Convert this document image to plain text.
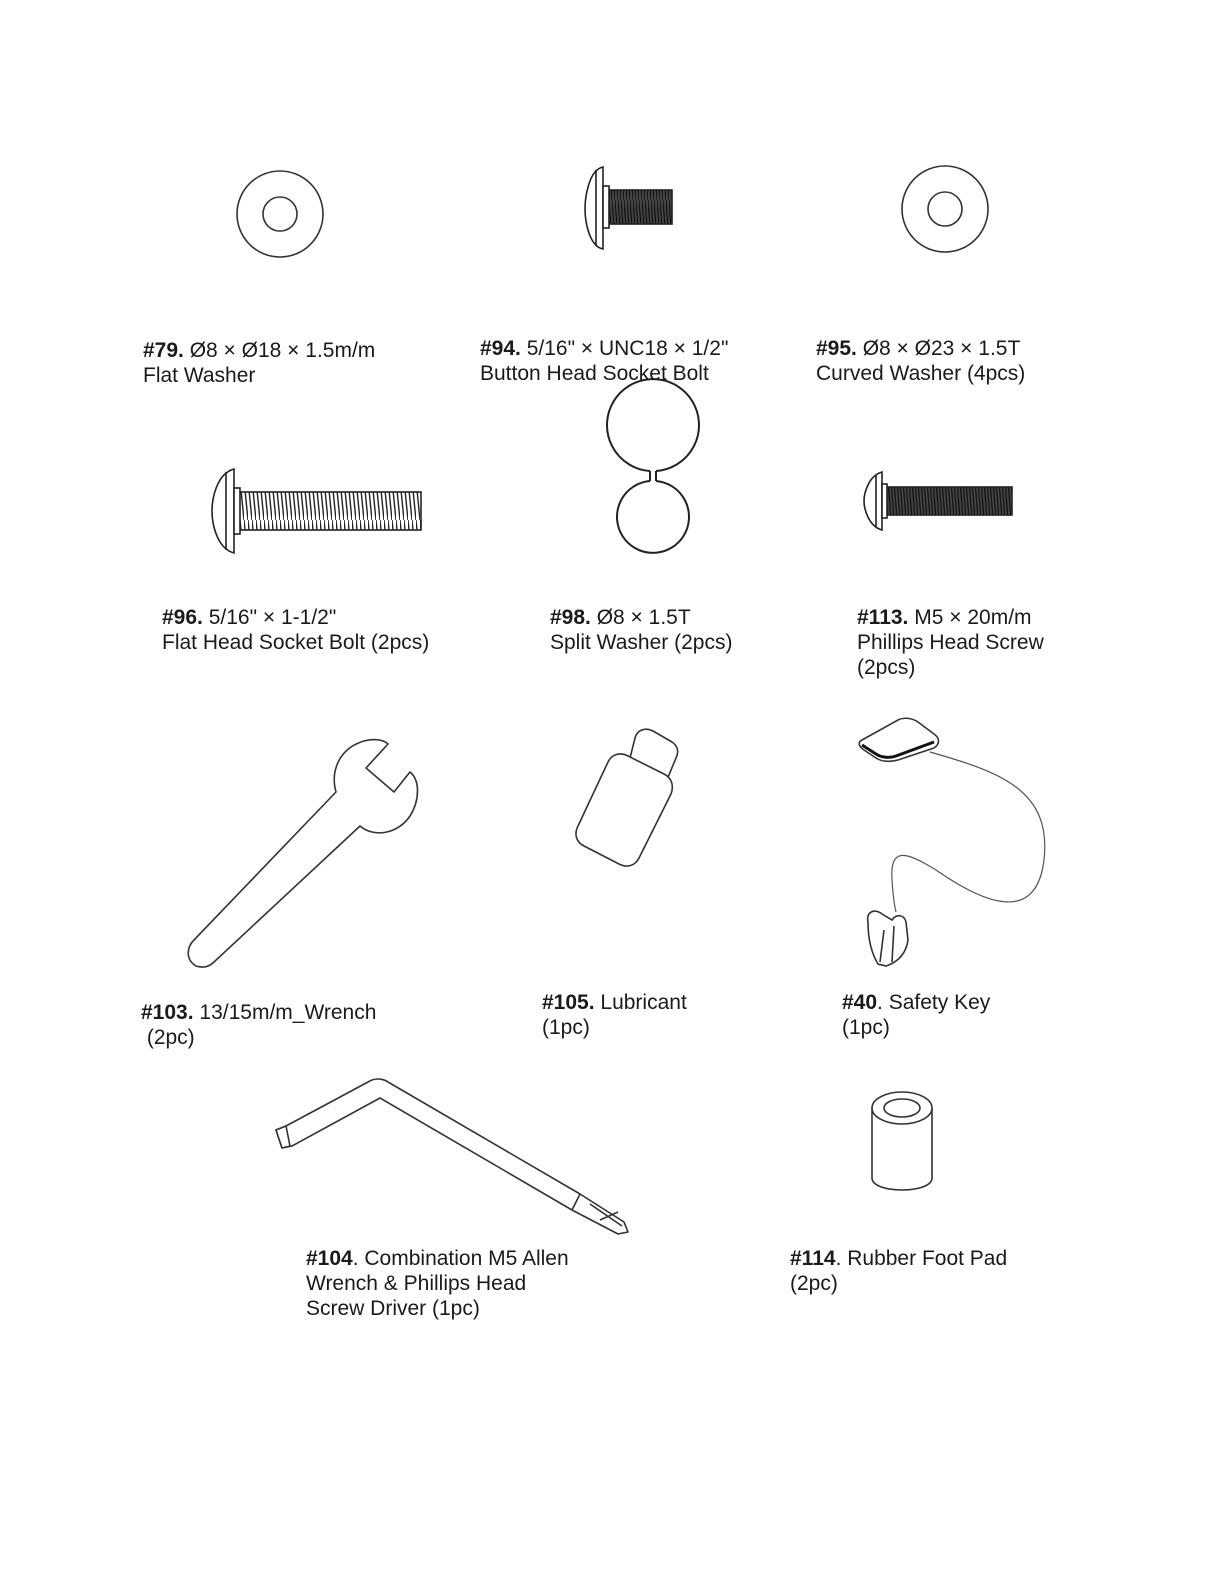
#79. Ø8 × Ø18 × 1.5m/m
Flat Washer
#94. 5/16" × UNC18 × 1/2"
Button Head Socket Bolt
#95. Ø8 × Ø23 × 1.5T
Curved Washer (4pcs)
#96. 5/16" × 1-1/2"
Flat Head Socket Bolt (2pcs)
#98. Ø8 × 1.5T
Split Washer (2pcs)
#113. M5 × 20m/m
Phillips Head Screw
(2pcs)
#103. 13/15m/m_Wrench
(2pc)
#105. Lubricant
(1pc)
#40. Safety Key
(1pc)
#104. Combination M5 Allen
Wrench & Phillips Head
Screw Driver (1pc)
#114. Rubber Foot Pad
(2pc)
